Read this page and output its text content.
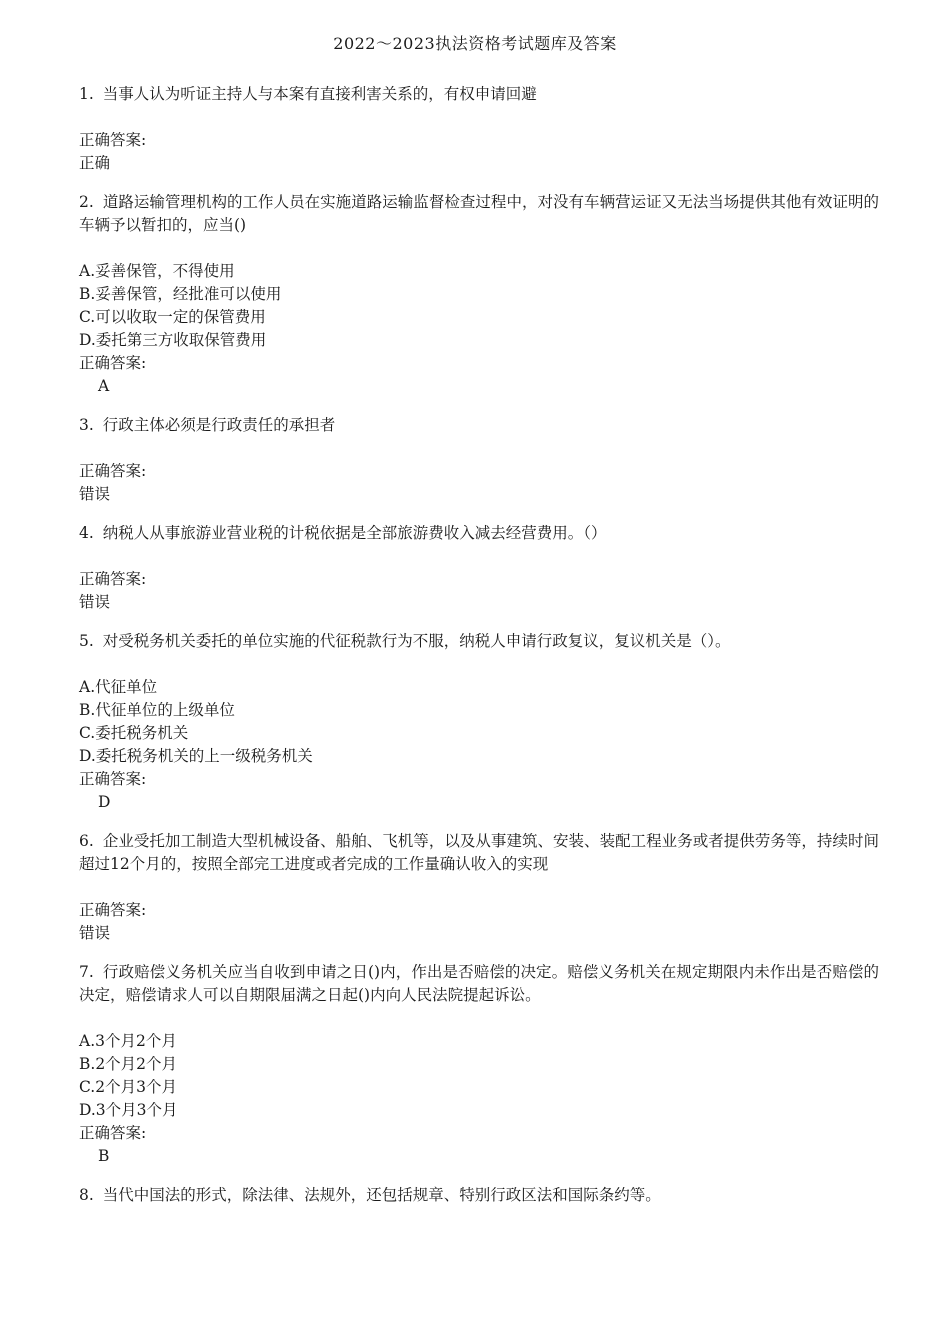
2022～2023执法资格考试题库及答案

1. 当事人认为听证主持人与本案有直接利害关系的，有权申请回避

正确答案:

正确

2. 道路运输管理机构的工作人员在实施道路运输监督检查过程中，对没有车辆营运证又无法当场提供其他有效证明的车辆予以暂扣的，应当()

A.妥善保管，不得使用

B.妥善保管，经批准可以使用

C.可以收取一定的保管费用

D.委托第三方收取保管费用

正确答案:

A

3. 行政主体必须是行政责任的承担者

正确答案:

错误

4. 纳税人从事旅游业营业税的计税依据是全部旅游费收入减去经营费用。（）

正确答案:

错误

5. 对受税务机关委托的单位实施的代征税款行为不服，纳税人申请行政复议，复议机关是（）。

A.代征单位

B.代征单位的上级单位

C.委托税务机关

D.委托税务机关的上一级税务机关

正确答案:

D

6. 企业受托加工制造大型机械设备、船舶、飞机等，以及从事建筑、安装、装配工程业务或者提供劳务等，持续时间超过12个月的，按照全部完工进度或者完成的工作量确认收入的实现

正确答案:

错误

7. 行政赔偿义务机关应当自收到申请之日()内，作出是否赔偿的决定。赔偿义务机关在规定期限内未作出是否赔偿的决定，赔偿请求人可以自期限届满之日起()内向人民法院提起诉讼。

A.3个月2个月

B.2个月2个月

C.2个月3个月

D.3个月3个月

正确答案:

B

8. 当代中国法的形式，除法律、法规外，还包括规章、特别行政区法和国际条约等。
